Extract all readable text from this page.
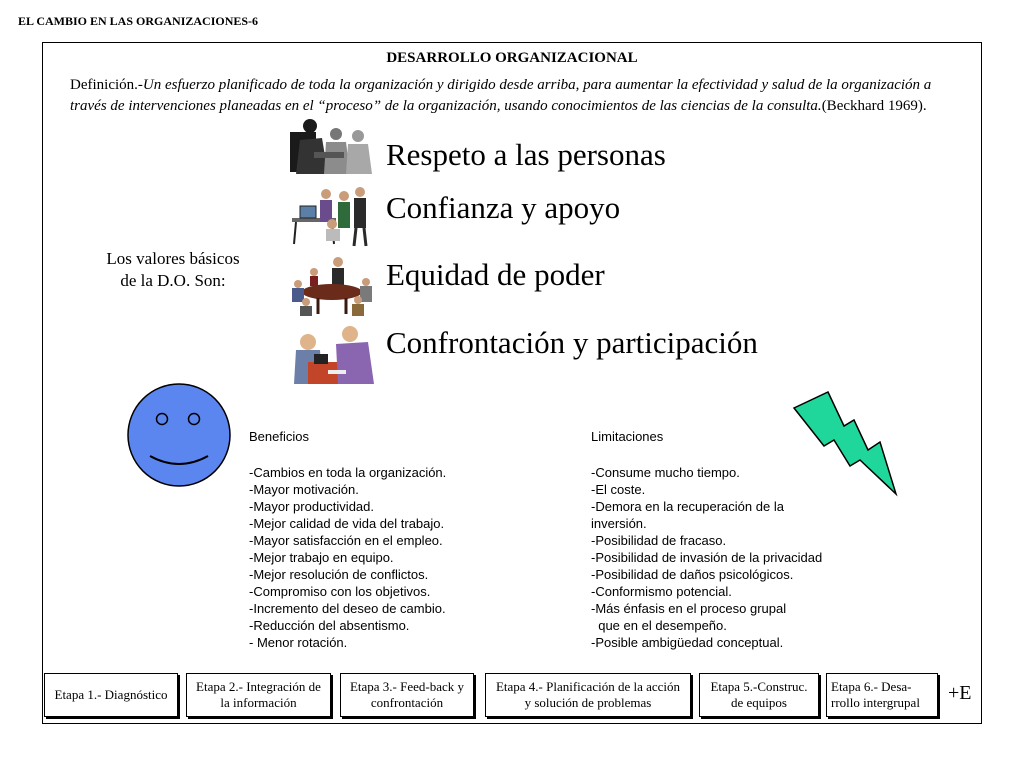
EL CAMBIO EN LAS ORGANIZACIONES-6
DESARROLLO ORGANIZACIONAL
Definición.-Un esfuerzo planificado de toda la organización y dirigido desde arriba, para aumentar la efectividad y salud de la organización a través de intervenciones planeadas en el “proceso” de la organización, usando conocimientos de las ciencias de la consulta.(Beckhard 1969).
Los valores básicos
de la D.O. Son:
Respeto a las personas
Confianza y apoyo
Equidad de poder
Confrontación y participación
Beneficios
-Cambios en toda la organización.
-Mayor motivación.
-Mayor productividad.
-Mejor calidad de vida del trabajo.
-Mayor satisfacción en el empleo.
-Mejor trabajo en equipo.
-Mejor resolución de conflictos.
-Compromiso con los objetivos.
-Incremento del deseo de cambio.
-Reducción del absentismo.
- Menor rotación.
Limitaciones
-Consume mucho tiempo.
-El coste.
-Demora en la recuperación de la
inversión.
-Posibilidad de fracaso.
-Posibilidad de invasión de la privacidad
-Posibilidad de daños psicológicos.
-Conformismo potencial.
-Más énfasis en el proceso grupal
que en el desempeño.
-Posible ambigüedad conceptual.
Etapa 1.- Diagnóstico
Etapa 2.- Integración de
la información
Etapa 3.- Feed-back y
confrontación
Etapa 4.- Planificación de la acción
y solución de problemas
Etapa 5.-Construc.
de equipos
Etapa 6.- Desa-
rrollo intergrupal +E
